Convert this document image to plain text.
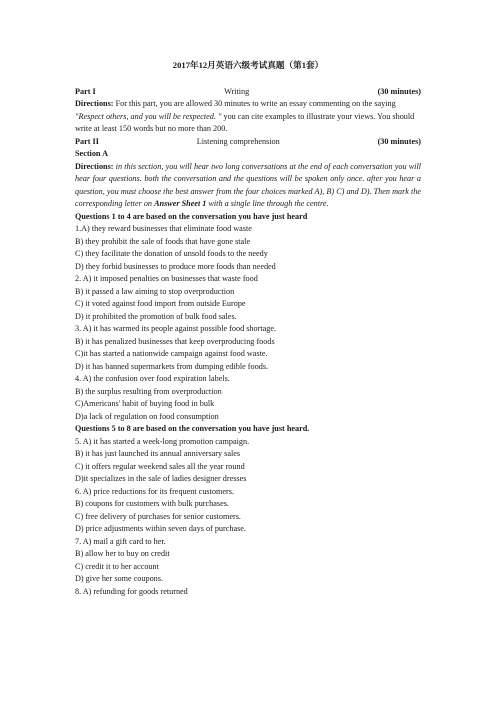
2017年12月英语六级考试真题（第1套）
Part I	Writing	(30 minutes)

Directions: For this part, you are allowed 30 minutes to write an essay commenting on the saying "Respect others, and you will be respected. " you can cite examples to illustrate your views. You should write at least 150 words but no more than 200.

Part II	Listening comprehension	(30 minutes)
Section A

Directions: in this section, you will hear two long conversations at the end of each conversation you will hear four questions. both the conversation and the questions will be spoken only once. after you hear a question, you must choose the best answer from the four choices marked A), B) C) and D). Then mark the corresponding letter on Answer Sheet 1 with a single line through the centre.

Questions 1 to 4 are based on the conversation you have just heard

1.A) they reward businesses that eliminate food waste

B) they prohibit the sale of foods that have gone stale

C) they facilitate the donation of unsold foods to the needy

D) they forbid businesses to produce more foods than needed

2. A) it imposed penalties on businesses that waste food

B) it passed a law aiming to stop overproduction

C) it voted against food import from outside Europe

D) it prohibited the promotion of bulk food sales.

3. A) it has warmed its people against possible food shortage.

B) it has penalized businesses that keep overproducing foods

C)it has started a nationwide campaign against food waste.

D) it has banned supermarkets from dumping edible foods.

4. A) the confusion over food expiration labels.

B) the surplus resulting from overproduction

C)Americans' habit of buying food in bulk

D)a lack of regulation on food consumption

Questions 5 to 8 are based on the conversation you have just heard.

5. A) it has started a week-long promotion campaign.

B) it has just launched its annual anniversary sales

C) it offers regular weekend sales all the year round

D)it specializes in the sale of ladies designer dresses

6. A) price reductions for its frequent customers.

B) coupons for customers with bulk purchases.

C) free delivery of purchases for senior customers.

D) price adjustments within seven days of purchase.

7. A) mail a gift card to her.

B) allow her to buy on credit

C) credit it to her account

D) give her some coupons.

8. A) refunding for goods returned
